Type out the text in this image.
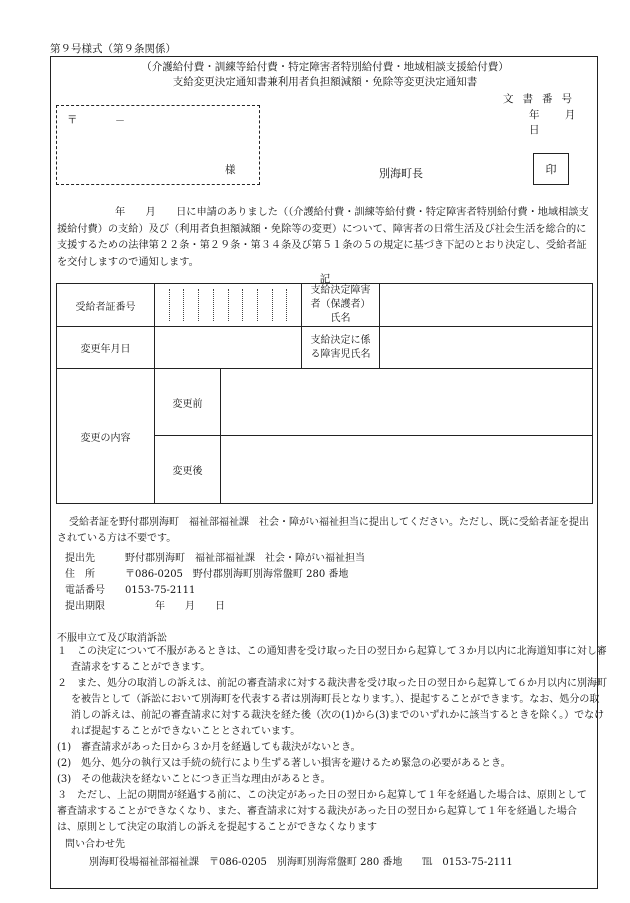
第９号様式（第９条関係）
（介護給付費・訓練等給付費・特定障害者特別給付費・地域相談支援給付費）
支給変更決定通知書兼利用者負担額減額・免除等変更決定通知書
文書番号
年 月 日
〒	－
様	別海町長	印
年　　月　　日に申請のありました（（介護給付費・訓練等給付費・特定障害者特別給付費・地域相談支援給付費）の支給）及び（利用者負担額減額・免除等の変更）について、障害者の日常生活及び社会生活を総合的に支援するための法律第２２条・第２９条・第３４条及び第５１条の５の規定に基づき下記のとおり決定し、受給者証を交付しますので通知します。
記
受給者証番号			支給決定障害者（保護者）氏名	
変更年月日			支給決定に係る障害児氏名	
変更の内容	変更前			
	変更後			
受給者証を野付郡別海町　福祉部福祉課　社会・障がい福祉担当に提出してください。ただし、既に受給者証を提出されている方は不要です。
提出先	野付郡別海町　福祉部福祉課　社会・障がい福祉担当
住　所	〒086-0205　野付郡別海町別海常盤町 280 番地
電話番号 0153-75-2111
提出期限	年　　月　　日
不服申立て及び取消訴訟
１　この決定について不服があるときは、この通知書を受け取った日の翌日から起算して３か月以内に北海道知事に対し審査請求をすることができます。
２　また、処分の取消しの訴えは、前記の審査請求に対する裁決書を受け取った日の翌日から起算して６か月以内に別海町を被告として（訴訟において別海町を代表する者は別海町長となります。）、提起することができます。なお、処分の取消しの訴えは、前記の審査請求に対する裁決を経た後（次の(1)から(3)までのいずれかに該当するときを除く。）でなければ提起することができないこととされています。
(1)　審査請求があった日から３か月を経過しても裁決がないとき。
(2)　処分、処分の執行又は手続の続行により生ずる著しい損害を避けるため緊急の必要があるとき。
(3)　その他裁決を経ないことにつき正当な理由があるとき。
３　ただし、上記の期間が経過する前に、この決定があった日の翌日から起算して１年を経過した場合は、原則として審査請求することができなくなり、また、審査請求に対する裁決があった日の翌日から起算して１年を経過した場合は、原則として決定の取消しの訴えを提起することができなくなります
問い合わせ先
別海町役場福祉部福祉課　〒086-0205　別海町別海常盤町 280 番地　　℡　0153-75-2111
